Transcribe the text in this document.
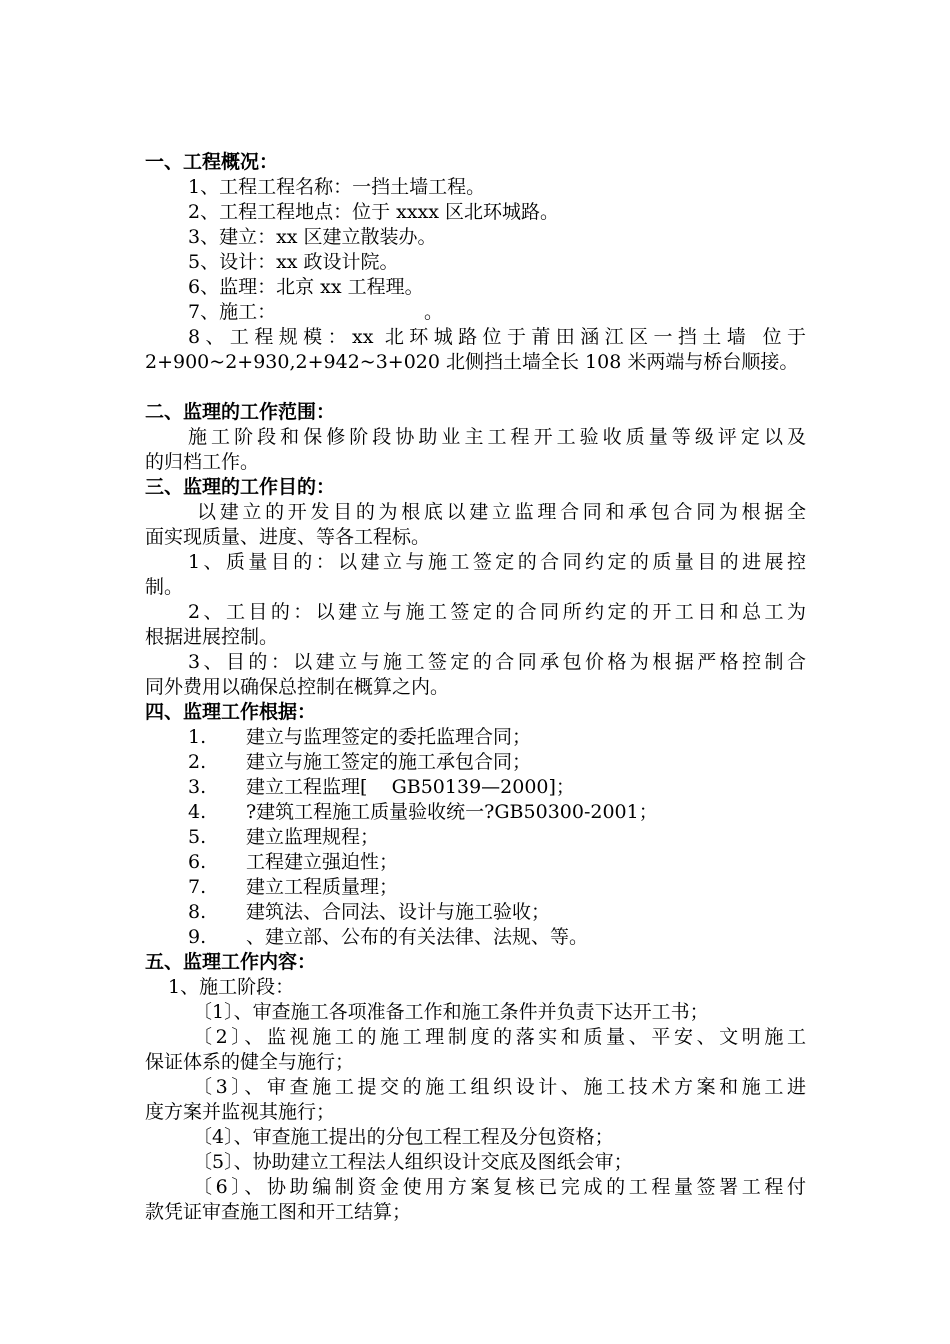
一、工程概况：
1、工程工程名称：一挡土墙工程。
2、工程工程地点：位于 xxxx 区北环城路。
3、建立：xx 区建立散装办。
5、设计：xx 政设计院。
6、监理：北京 xx 工程理。
7、施工：	。
8、工程规模：xx 北环城路位于莆田涵江区一挡土墙 位于
2+900~2+930,2+942~3+020 北侧挡土墙全长 108 米两端与桥台顺接。
二、监理的工作范围：
施工阶段和保修阶段协助业主工程开工验收质量等级评定以及
的归档工作。
三、监理的工作目的：
以建立的开发目的为根底以建立监理合同和承包合同为根据全
面实现质量、进度、等各工程标。
1、质量目的：以建立与施工签定的合同约定的质量目的进展控
制。
2、工目的：以建立与施工签定的合同所约定的开工日和总工为
根据进展控制。
3、目的：以建立与施工签定的合同承包价格为根据严格控制合
同外费用以确保总控制在概算之内。
四、监理工作根据：
1. 建立与监理签定的委托监理合同；
2. 建立与施工签定的施工承包合同；
3. 建立工程监理[    GB50139—2000]；
4. ?建筑工程施工质量验收统一?GB50300-2001；
5. 建立监理规程；
6. 工程建立强迫性；
7. 建立工程质量理；
8. 建筑法、合同法、设计与施工验收；
9. 、建立部、公布的有关法律、法规、等。
五、监理工作内容：
1、施工阶段：
〔1〕、审查施工各项准备工作和施工条件并负责下达开工书；
〔2〕、监视施工的施工理制度的落实和质量、平安、文明施工
保证体系的健全与施行；
〔3〕、审查施工提交的施工组织设计、施工技术方案和施工进
度方案并监视其施行；
〔4〕、审查施工提出的分包工程工程及分包资格；
〔5〕、协助建立工程法人组织设计交底及图纸会审；
〔6〕、协助编制资金使用方案复核已完成的工程量签署工程付
款凭证审查施工图和开工结算；
